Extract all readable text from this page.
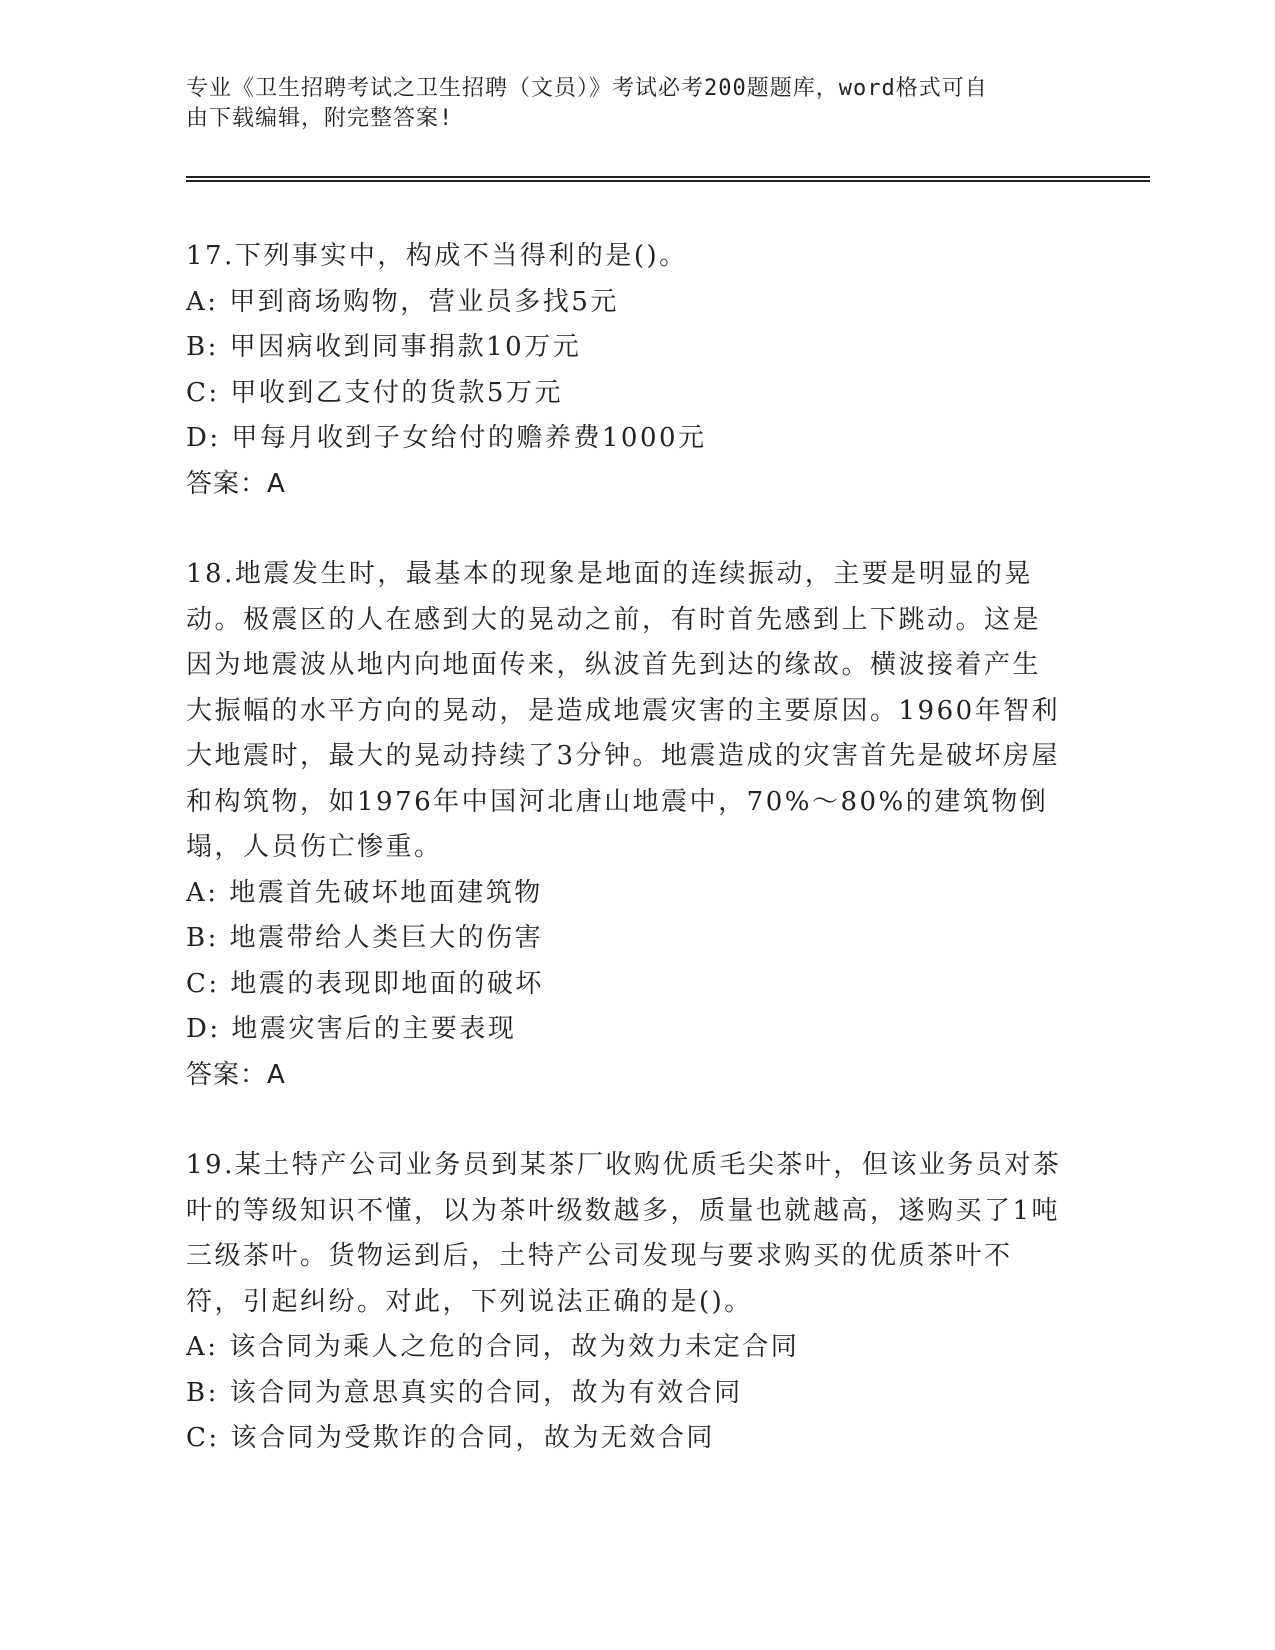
专业《卫生招聘考试之卫生招聘（文员）》考试必考200题题库，word格式可自
由下载编辑，附完整答案!

17.下列事实中，构成不当得利的是()。

A: 甲到商场购物，营业员多找5元

B: 甲因病收到同事捐款10万元

C: 甲收到乙支付的货款5万元

D: 甲每月收到子女给付的赡养费1000元

答案：A

18.地震发生时，最基本的现象是地面的连续振动，主要是明显的晃动。极震区的人在感到大的晃动之前，有时首先感到上下跳动。这是因为地震波从地内向地面传来，纵波首先到达的缘故。横波接着产生大振幅的水平方向的晃动，是造成地震灾害的主要原因。1960年智利大地震时，最大的晃动持续了3分钟。地震造成的灾害首先是破坏房屋和构筑物，如1976年中国河北唐山地震中，70%～80%的建筑物倒塌，人员伤亡惨重。

A: 地震首先破坏地面建筑物

B: 地震带给人类巨大的伤害

C: 地震的表现即地面的破坏

D: 地震灾害后的主要表现

答案：A

19.某土特产公司业务员到某茶厂收购优质毛尖茶叶，但该业务员对茶叶的等级知识不懂，以为茶叶级数越多，质量也就越高，遂购买了1吨三级茶叶。货物运到后，土特产公司发现与要求购买的优质茶叶不符，引起纠纷。对此，下列说法正确的是()。

A: 该合同为乘人之危的合同，故为效力未定合同

B: 该合同为意思真实的合同，故为有效合同

C: 该合同为受欺诈的合同，故为无效合同
